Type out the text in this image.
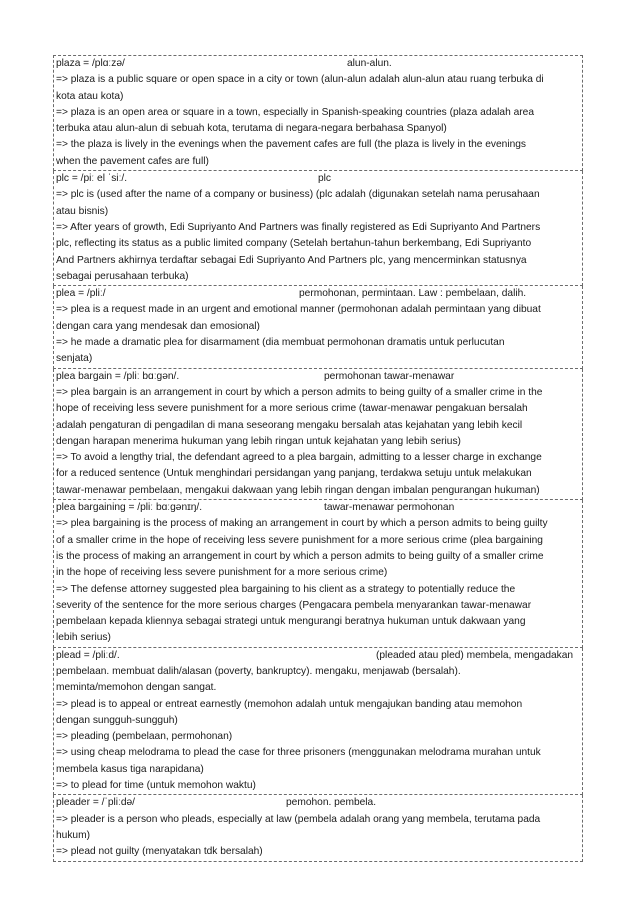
plaza = /plɑːzə/	alun-alun.
=> plaza is a public square or open space in a city or town (alun-alun adalah alun-alun atau ruang terbuka di
kota atau kota)
=> plaza is an open area or square in a town, especially in Spanish-speaking countries (plaza adalah area
terbuka atau alun-alun di sebuah kota, terutama di negara-negara berbahasa Spanyol)
=> the plaza is lively in the evenings when the pavement cafes are full (the plaza is lively in the evenings
when the pavement cafes are full)
plc = /piː el ˈsiː/.	plc
=> plc is (used after the name of a company or business) (plc adalah (digunakan setelah nama perusahaan
atau bisnis)
=> After years of growth, Edi Supriyanto And Partners was finally registered as Edi Supriyanto And Partners
plc, reflecting its status as a public limited company (Setelah bertahun-tahun berkembang, Edi Supriyanto
And Partners akhirnya terdaftar sebagai Edi Supriyanto And Partners plc, yang mencerminkan statusnya
sebagai perusahaan terbuka)
plea = /pliː/	permohonan, permintaan. Law : pembelaan, dalih.
=> plea is a request made in an urgent and emotional manner (permohonan adalah permintaan yang dibuat
dengan cara yang mendesak dan emosional)
=> he made a dramatic plea for disarmament (dia membuat permohonan dramatis untuk perlucutan
senjata)
plea bargain = /pliː bɑːɡən/.	permohonan tawar-menawar
=> plea bargain is an arrangement in court by which a person admits to being guilty of a smaller crime in the
hope of receiving less severe punishment for a more serious crime (tawar-menawar pengakuan bersalah
adalah pengaturan di pengadilan di mana seseorang mengaku bersalah atas kejahatan yang lebih kecil
dengan harapan menerima hukuman yang lebih ringan untuk kejahatan yang lebih serius)
=> To avoid a lengthy trial, the defendant agreed to a plea bargain, admitting to a lesser charge in exchange
for a reduced sentence (Untuk menghindari persidangan yang panjang, terdakwa setuju untuk melakukan
tawar-menawar pembelaan, mengakui dakwaan yang lebih ringan dengan imbalan pengurangan hukuman)
plea bargaining = /pliː bɑːɡənɪŋ/.	tawar-menawar permohonan
=> plea bargaining is the process of making an arrangement in court by which a person admits to being guilty
of a smaller crime in the hope of receiving less severe punishment for a more serious crime (plea bargaining
is the process of making an arrangement in court by which a person admits to being guilty of a smaller crime
in the hope of receiving less severe punishment for a more serious crime)
=> The defense attorney suggested plea bargaining to his client as a strategy to potentially reduce the
severity of the sentence for the more serious charges (Pengacara pembela menyarankan tawar-menawar
pembelaan kepada kliennya sebagai strategi untuk mengurangi beratnya hukuman untuk dakwaan yang
lebih serius)
plead = /pliːd/.	(pleaded atau pled) membela, mengadakan
pembelaan. membuat dalih/alasan (poverty, bankruptcy). mengaku, menjawab (bersalah).
meminta/memohon dengan sangat.
=> plead is to appeal or entreat earnestly (memohon adalah untuk mengajukan banding atau memohon
dengan sungguh-sungguh)
=> pleading (pembelaan, permohonan)
=> using cheap melodrama to plead the case for three prisoners (menggunakan melodrama murahan untuk
membela kasus tiga narapidana)
=> to plead for time (untuk memohon waktu)
pleader = /ˈpliːdə/	pemohon. pembela.
=> pleader is a person who pleads, especially at law (pembela adalah orang yang membela, terutama pada
hukum)
=> plead not guilty (menyatakan tdk bersalah)
